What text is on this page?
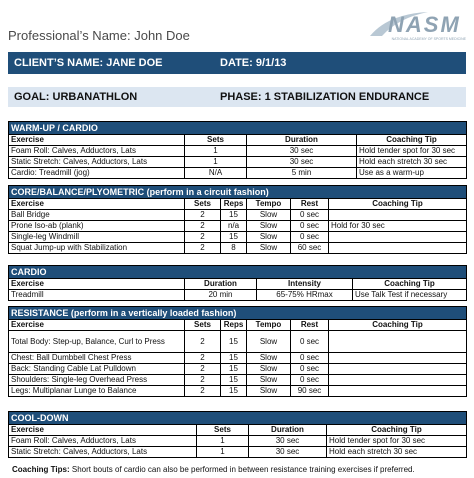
Professional’s Name: John Doe	NASM
NATIONAL ACADEMY OF SPORTS MEDICINE
CLIENT’S NAME: JANE DOE	DATE: 9/1/13
GOAL: URBANATHLON	PHASE: 1 STABILIZATION ENDURANCE
WARM-UP / CARDIO			
Exercise	Sets	Duration	Coaching Tip
Foam Roll: Calves, Adductors, Lats	1	30 sec	Hold tender spot for 30 sec
Static Stretch: Calves, Adductors, Lats	1	30 sec	Hold each stretch 30 sec
Cardio: Treadmill (jog)	N/A	5 min	Use as a warm-up
CORE/BALANCE/PLYOMETRIC (perform in a circuit fashion)					
Exercise	Sets	Reps	Tempo	Rest	Coaching Tip
Ball Bridge	2	15	Slow	0 sec	
Prone Iso-ab (plank)	2	n/a	Slow	0 sec	Hold for 30 sec
Single-leg Windmill	2	15	Slow	0 sec	
Squat Jump-up with Stabilization	2	8	Slow	60 sec	
CARDIO			
Exercise	Duration	Intensity	Coaching Tip
Treadmill	20 min	65-75% HRmax	Use Talk Test if necessary
RESISTANCE (perform in a vertically loaded fashion)					
Exercise	Sets	Reps	Tempo	Rest	Coaching Tip
Total Body: Step-up, Balance, Curl to Press	2	15	Slow	0 sec	
Chest: Ball Dumbbell Chest Press	2	15	Slow	0 sec	
Back: Standing Cable Lat Pulldown	2	15	Slow	0 sec	
Shoulders: Single-leg Overhead Press	2	15	Slow	0 sec	
Legs: Multiplanar Lunge to Balance	2	15	Slow	90 sec	
COOL-DOWN			
Exercise	Sets	Duration	Coaching Tip
Foam Roll: Calves, Adductors, Lats	1	30 sec	Hold tender spot for 30 sec
Static Stretch: Calves, Adductors, Lats	1	30 sec	Hold each stretch 30 sec
Coaching Tips: Short bouts of cardio can also be performed in between resistance training exercises if preferred.
